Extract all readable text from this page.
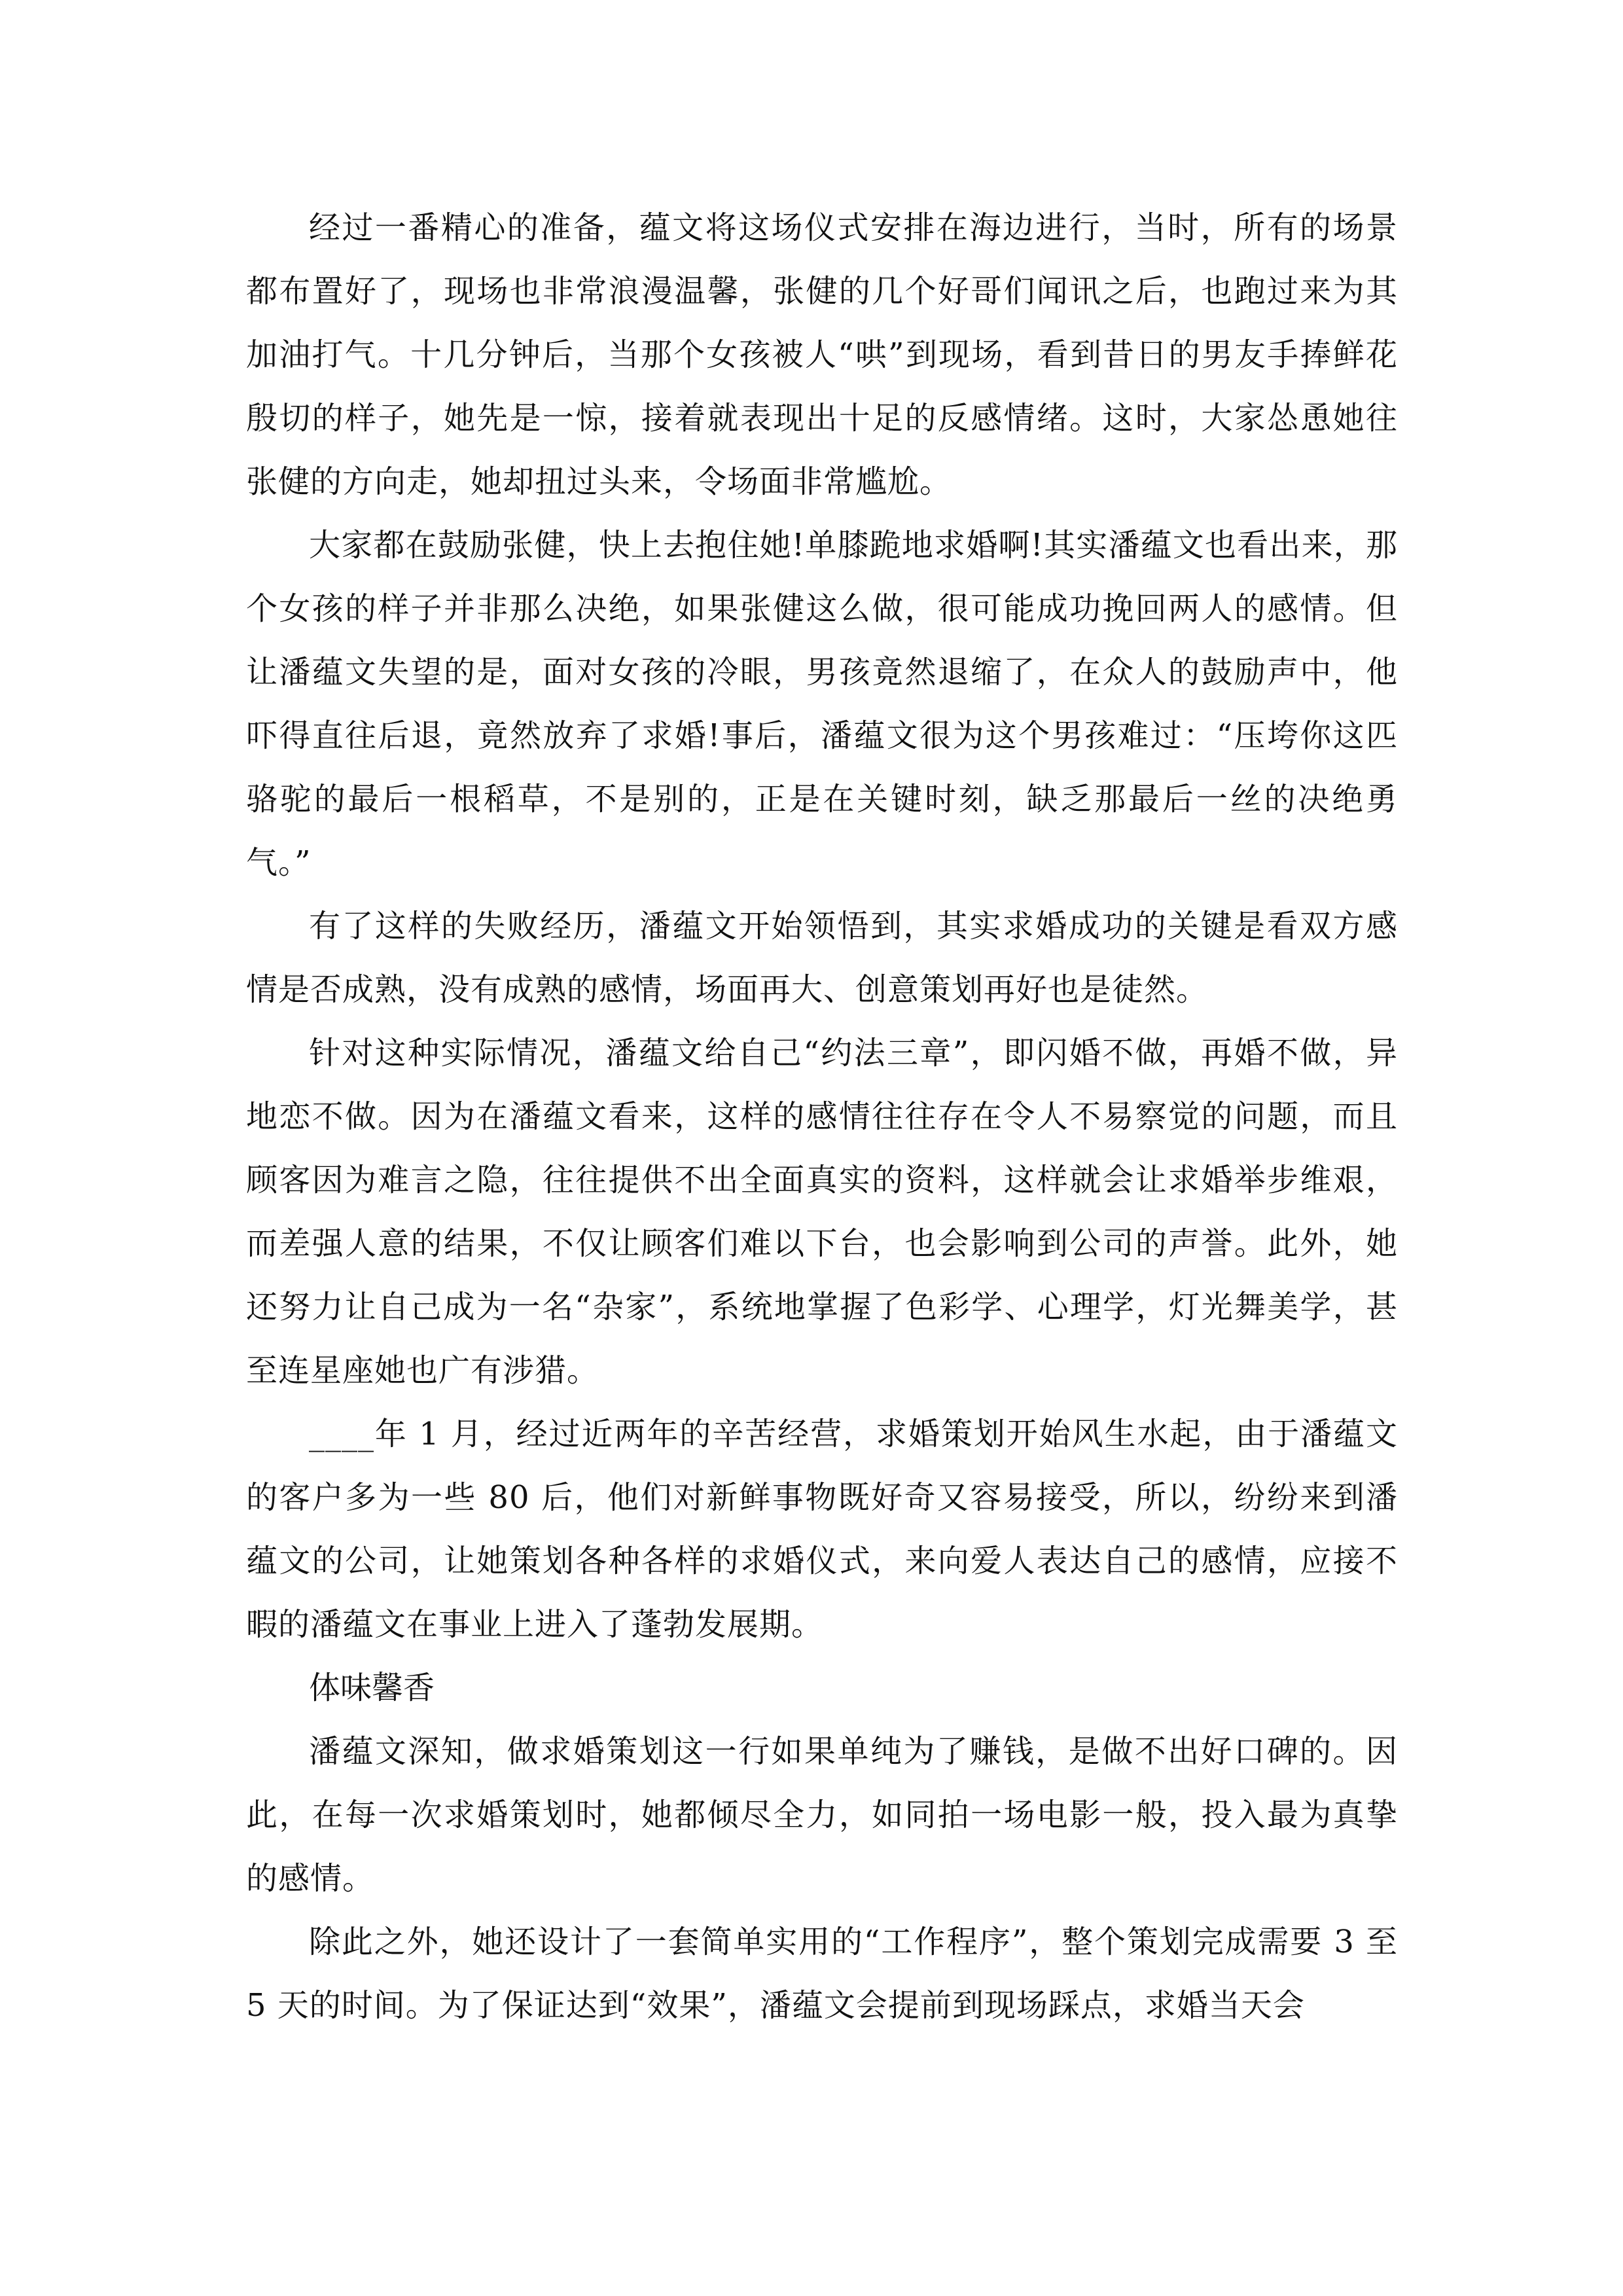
经过一番精心的准备，蕴文将这场仪式安排在海边进行，当时，所有的场景都布置好了，现场也非常浪漫温馨，张健的几个好哥们闻讯之后，也跑过来为其加油打气。十几分钟后，当那个女孩被人“哄”到现场，看到昔日的男友手捧鲜花殷切的样子，她先是一惊，接着就表现出十足的反感情绪。这时，大家怂恿她往张健的方向走，她却扭过头来，令场面非常尴尬。

大家都在鼓励张健，快上去抱住她!单膝跪地求婚啊!其实潘蕴文也看出来，那个女孩的样子并非那么决绝，如果张健这么做，很可能成功挽回两人的感情。但让潘蕴文失望的是，面对女孩的冷眼，男孩竟然退缩了，在众人的鼓励声中，他吓得直往后退，竟然放弃了求婚!事后，潘蕴文很为这个男孩难过：“压垮你这匹骆驼的最后一根稻草，不是别的，正是在关键时刻，缺乏那最后一丝的决绝勇气。”

有了这样的失败经历，潘蕴文开始领悟到，其实求婚成功的关键是看双方感情是否成熟，没有成熟的感情，场面再大、创意策划再好也是徒然。

针对这种实际情况，潘蕴文给自己“约法三章”，即闪婚不做，再婚不做，异地恋不做。因为在潘蕴文看来，这样的感情往往存在令人不易察觉的问题，而且顾客因为难言之隐，往往提供不出全面真实的资料，这样就会让求婚举步维艰，而差强人意的结果，不仅让顾客们难以下台，也会影响到公司的声誉。此外，她还努力让自己成为一名“杂家”，系统地掌握了色彩学、心理学，灯光舞美学，甚至连星座她也广有涉猎。

____年 1 月，经过近两年的辛苦经营，求婚策划开始风生水起，由于潘蕴文的客户多为一些 80 后，他们对新鲜事物既好奇又容易接受，所以，纷纷来到潘蕴文的公司，让她策划各种各样的求婚仪式，来向爱人表达自己的感情，应接不暇的潘蕴文在事业上进入了蓬勃发展期。

体味馨香

潘蕴文深知，做求婚策划这一行如果单纯为了赚钱，是做不出好口碑的。因此，在每一次求婚策划时，她都倾尽全力，如同拍一场电影一般，投入最为真挚的感情。

除此之外，她还设计了一套简单实用的“工作程序”，整个策划完成需要 3 至 5 天的时间。为了保证达到“效果”，潘蕴文会提前到现场踩点，求婚当天会
